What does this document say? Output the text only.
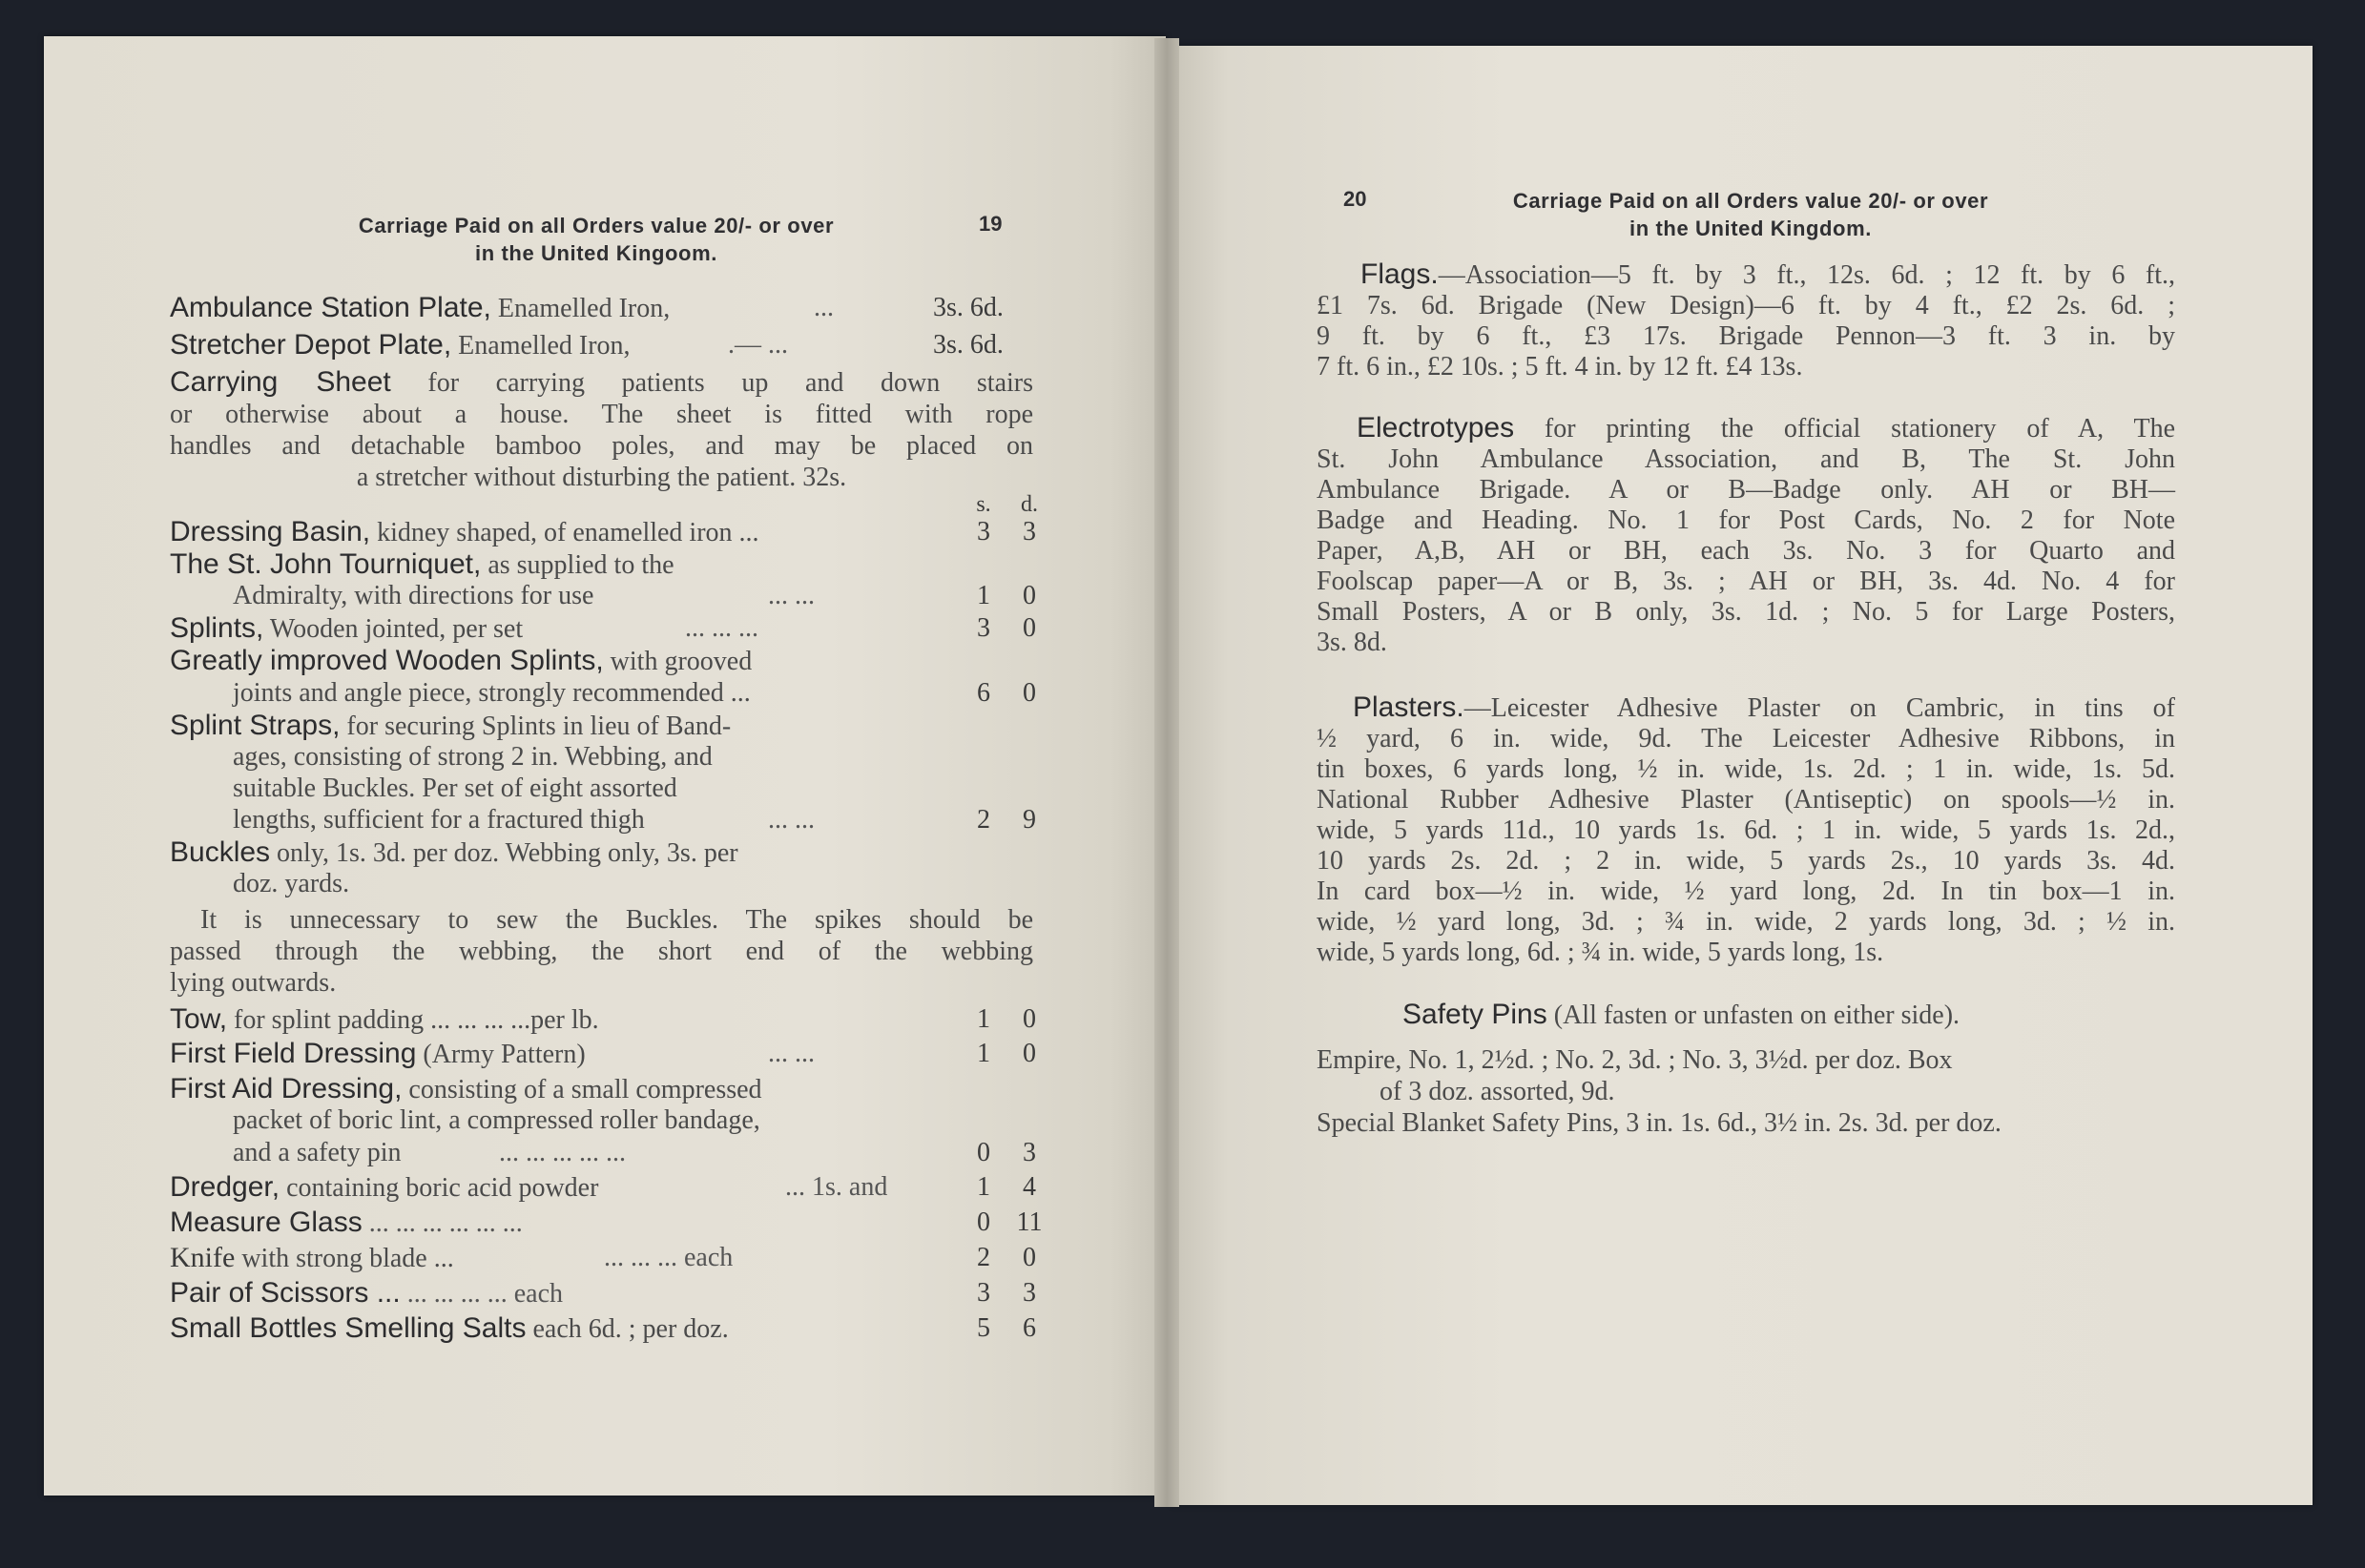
Carriage Paid on all Orders value 20/- or over
in the United Kingoom.
19
Ambulance Station Plate, Enamelled Iron,	...	3s. 6d.
Stretcher Depot Plate, Enamelled Iron,	.— ...	3s. 6d.
Carrying Sheet for carrying patients up and down stairs
or otherwise about a house. The sheet is fitted with rope
handles and detachable bamboo poles, and may be placed on
a stretcher without disturbing the patient. 32s.
s.	d.
Dressing Basin, kidney shaped, of enamelled iron ...	3 3
The St. John Tourniquet, as supplied to the
Admiralty, with directions for use	... ...	1 0
Splints, Wooden jointed, per set	... ... ...	3 0
Greatly improved Wooden Splints, with grooved
joints and angle piece, strongly recommended ...	6 0
Splint Straps, for securing Splints in lieu of Band-
ages, consisting of strong 2 in. Webbing, and
suitable Buckles. Per set of eight assorted
lengths, sufficient for a fractured thigh	... ...	2 9
Buckles only, 1s. 3d. per doz. Webbing only, 3s. per
doz. yards.
It is unnecessary to sew the Buckles. The spikes should be
passed through the webbing, the short end of the webbing
lying outwards.
Tow, for splint padding ... ... ... ...per lb.	1 0
First Field Dressing (Army Pattern)	... ...	1 0
First Aid Dressing, consisting of a small compressed
packet of boric lint, a compressed roller bandage,
and a safety pin	... ... ... ... ...	0 3
Dredger, containing boric acid powder	... 1s. and	1 4
Measure Glass ... ... ... ... ... ...	0 11
Knife with strong blade ...	... ... ... each	2 0
Pair of Scissors ... ... ... ... ... each	3 3
Small Bottles Smelling Salts each 6d. ; per doz.	5 6
20	Carriage Paid on all Orders value 20/- or over
in the United Kingdom.
Flags.—Association—5 ft. by 3 ft., 12s. 6d. ; 12 ft. by 6 ft.,
£1 7s. 6d. Brigade (New Design)—6 ft. by 4 ft., £2 2s. 6d. ;
9 ft. by 6 ft., £3 17s. Brigade Pennon—3 ft. 3 in. by
7 ft. 6 in., £2 10s. ; 5 ft. 4 in. by 12 ft. £4 13s.
Electrotypes for printing the official stationery of A, The
St. John Ambulance Association, and B, The St. John
Ambulance Brigade. A or B—Badge only. AH or BH—
Badge and Heading. No. 1 for Post Cards, No. 2 for Note
Paper, A,B, AH or BH, each 3s. No. 3 for Quarto and
Foolscap paper—A or B, 3s. ; AH or BH, 3s. 4d. No. 4 for
Small Posters, A or B only, 3s. 1d. ; No. 5 for Large Posters,
3s. 8d.
Plasters.—Leicester Adhesive Plaster on Cambric, in tins of
½ yard, 6 in. wide, 9d. The Leicester Adhesive Ribbons, in
tin boxes, 6 yards long, ½ in. wide, 1s. 2d. ; 1 in. wide, 1s. 5d.
National Rubber Adhesive Plaster (Antiseptic) on spools—½ in.
wide, 5 yards 11d., 10 yards 1s. 6d. ; 1 in. wide, 5 yards 1s. 2d.,
10 yards 2s. 2d. ; 2 in. wide, 5 yards 2s., 10 yards 3s. 4d.
In card box—½ in. wide, ½ yard long, 2d. In tin box—1 in.
wide, ½ yard long, 3d. ; ¾ in. wide, 2 yards long, 3d. ; ½ in.
wide, 5 yards long, 6d. ; ¾ in. wide, 5 yards long, 1s.
Safety Pins (All fasten or unfasten on either side).
Empire, No. 1, 2½d. ; No. 2, 3d. ; No. 3, 3½d. per doz. Box
of 3 doz. assorted, 9d.
Special Blanket Safety Pins, 3 in. 1s. 6d., 3½ in. 2s. 3d. per doz.
